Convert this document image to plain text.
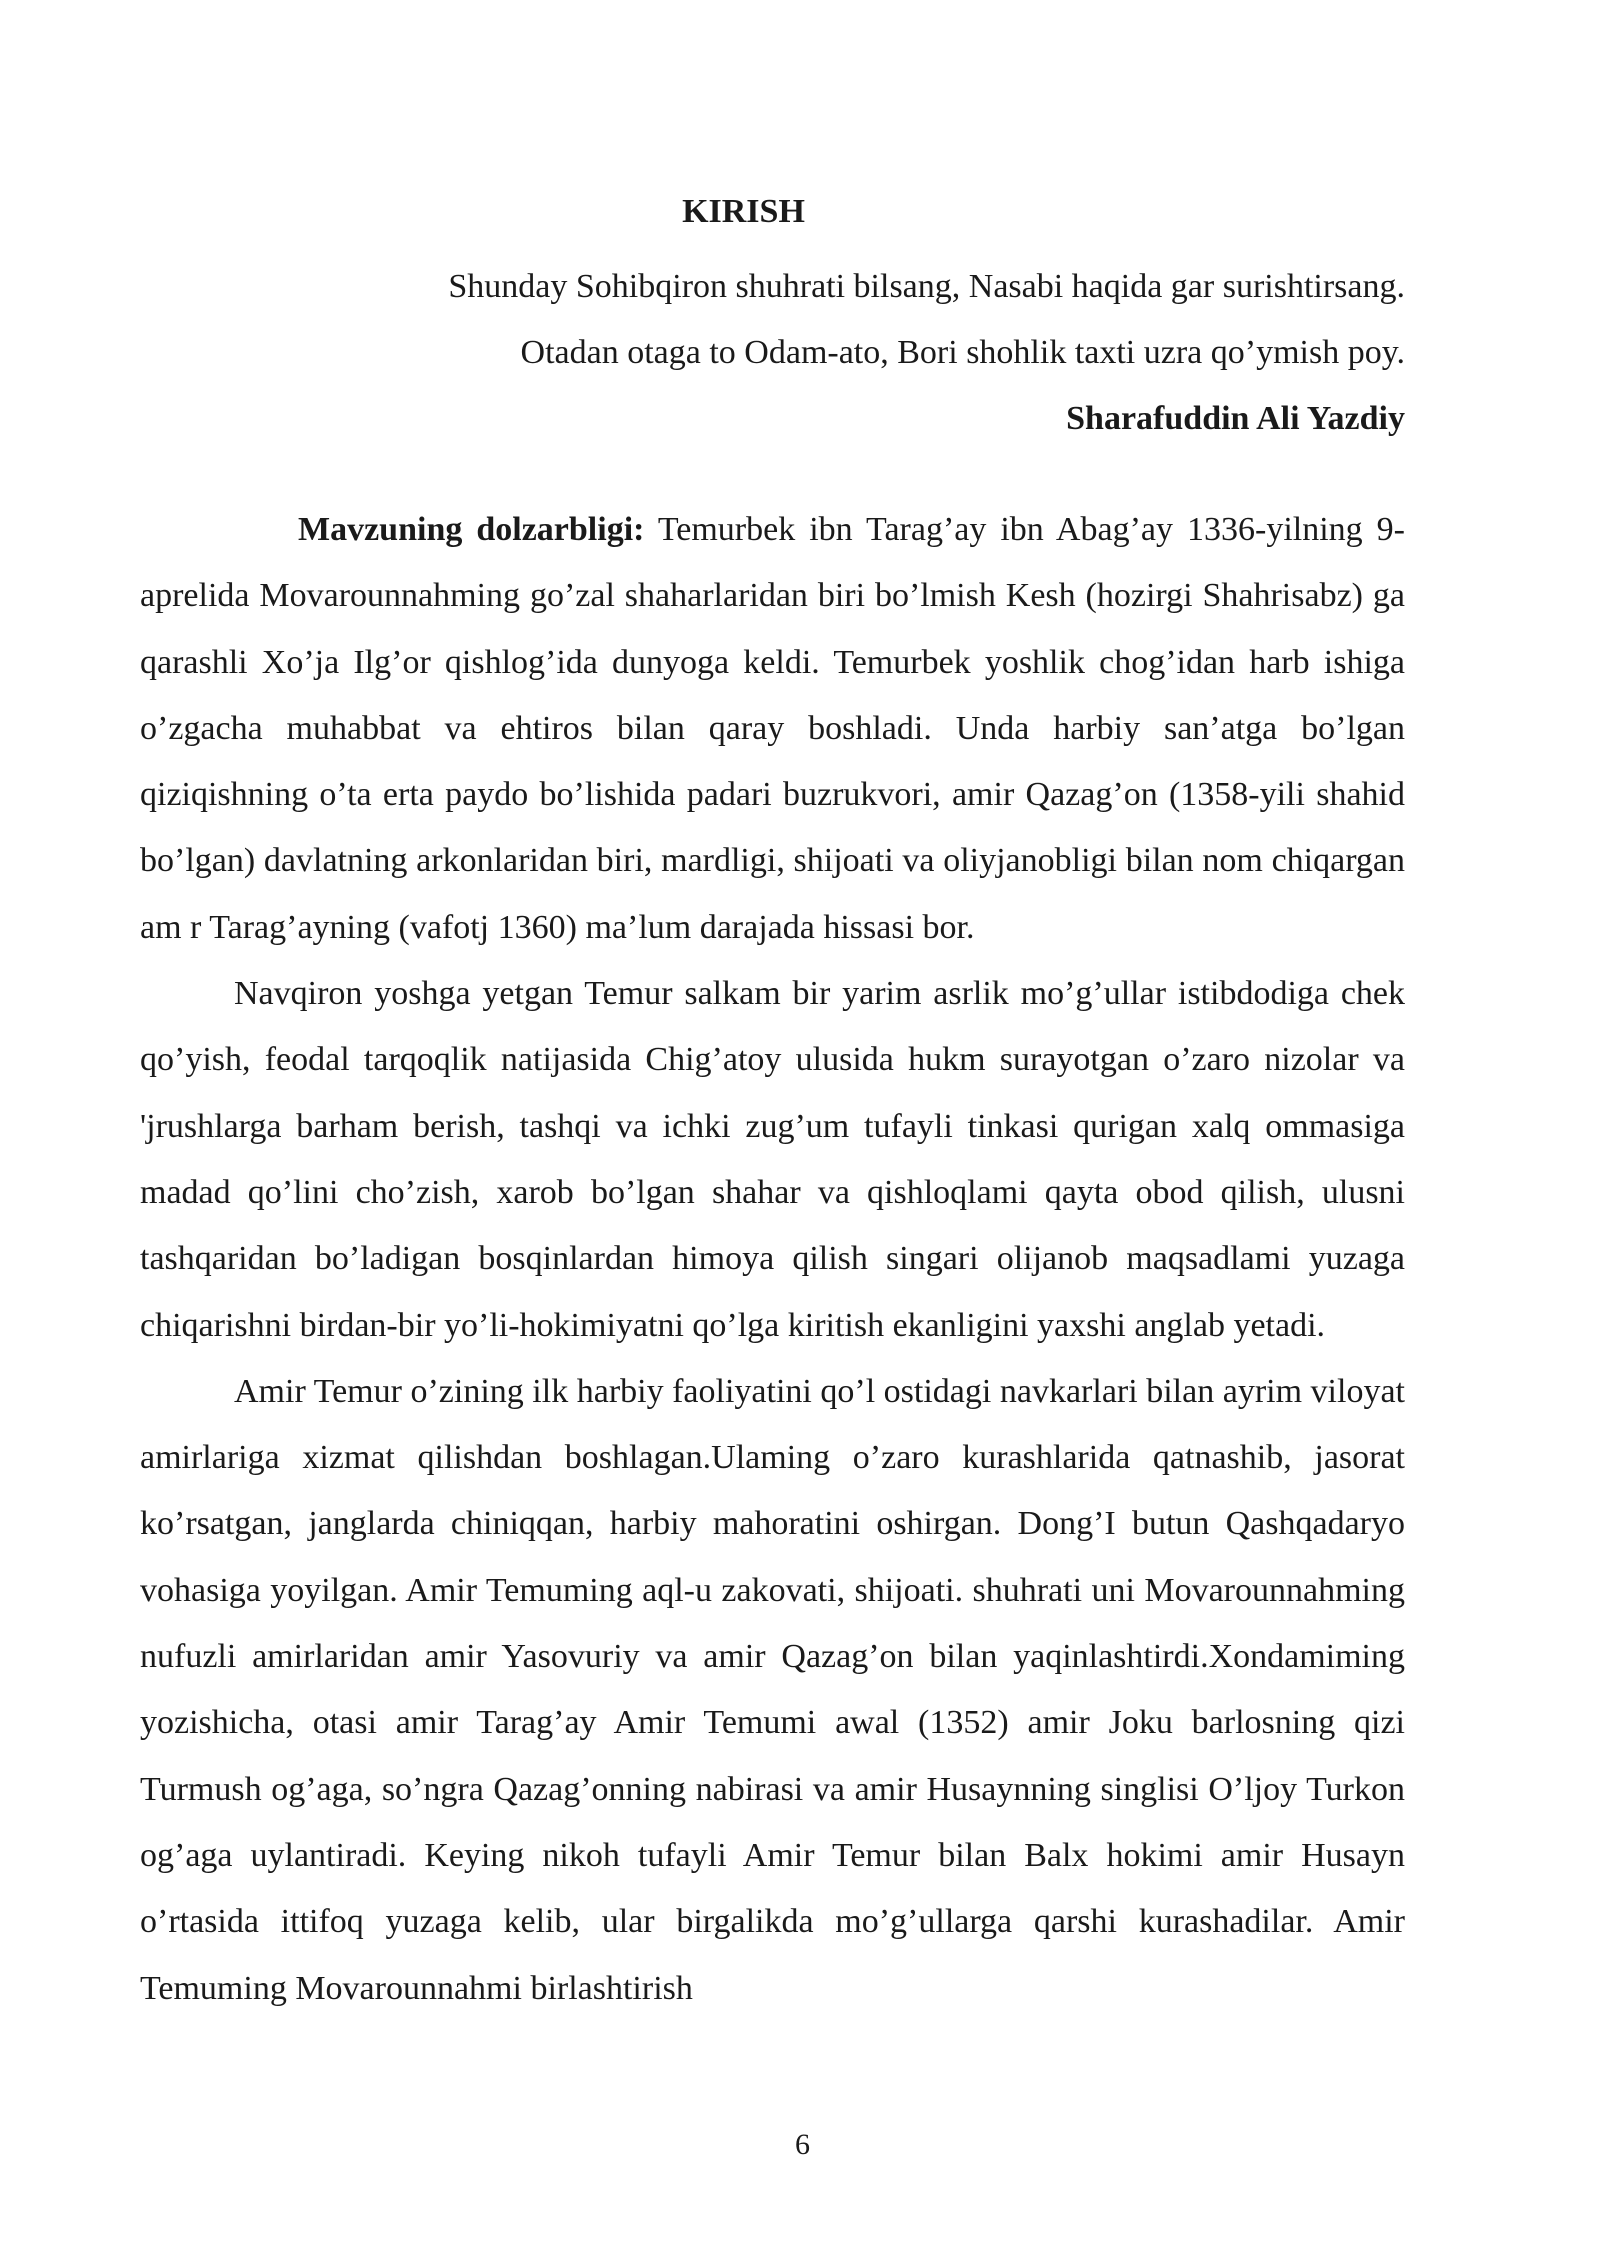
KIRISH
Shunday Sohibqiron shuhrati bilsang, Nasabi haqida gar surishtirsang.
Otadan otaga to Odam-ato, Bori shohlik taxti uzra qo’ymish poy.
Sharafuddin Ali Yazdiy

Mavzuning dolzarbligi: Temurbek ibn Tarag’ay ibn Abag’ay 1336-yilning 9-aprelida Movarounnahming go’zal shaharlaridan biri bo’lmish Kesh (hozirgi Shahrisabz) ga qarashli Xo’ja Ilg’or qishlog’ida dunyoga keldi. Temurbek yoshlik chog’idan harb ishiga o’zgacha muhabbat va ehtiros bilan qaray boshladi. Unda harbiy san’atga bo’lgan qiziqishning o’ta erta paydo bo’lishida padari buzrukvori, amir Qazag’on (1358-yili shahid bo’lgan) davlatning arkonlaridan biri, mardligi, shijoati va oliyjanobligi bilan nom chiqargan am r Tarag’ayning (vafotj 1360) ma’lum darajada hissasi bor.

Navqiron yoshga yetgan Temur salkam bir yarim asrlik mo’g’ullar istibdodiga chek qo’yish, feodal tarqoqlik natijasida Chig’atoy ulusida hukm surayotgan o’zaro nizolar va 'jrushlarga barham berish, tashqi va ichki zug’um tufayli tinkasi qurigan xalq ommasiga madad qo’lini cho’zish, xarob bo’lgan shahar va qishloqlami qayta obod qilish, ulusni tashqaridan bo’ladigan bosqinlardan himoya qilish singari olijanob maqsadlami yuzaga chiqarishni birdan-bir yo’li-hokimiyatni qo’lga kiritish ekanligini yaxshi anglab yetadi.

Amir Temur o’zining ilk harbiy faoliyatini qo’l ostidagi navkarlari bilan ayrim viloyat amirlariga xizmat qilishdan boshlagan.Ulaming o’zaro kurashlarida qatnashib, jasorat ko’rsatgan, janglarda chiniqqan, harbiy mahoratini oshirgan. Dong’I butun Qashqadaryo vohasiga yoyilgan. Amir Temuming aql-u zakovati, shijoati. shuhrati uni Movarounnahming nufuzli amirlaridan amir Yasovuriy va amir Qazag’on bilan yaqinlashtirdi.Xondamiming yozishicha, otasi amir Tarag’ay Amir Temumi awal (1352) amir Joku barlosning qizi Turmush og’aga, so’ngra Qazag’onning nabirasi va amir Husaynning singlisi O’ljoy Turkon og’aga uylantiradi. Keying nikoh tufayli Amir Temur bilan Balx hokimi amir Husayn o’rtasida ittifoq yuzaga kelib, ular birgalikda mo’g’ullarga qarshi kurashadilar. Amir Temuming Movarounnahmi birlashtirish

6
